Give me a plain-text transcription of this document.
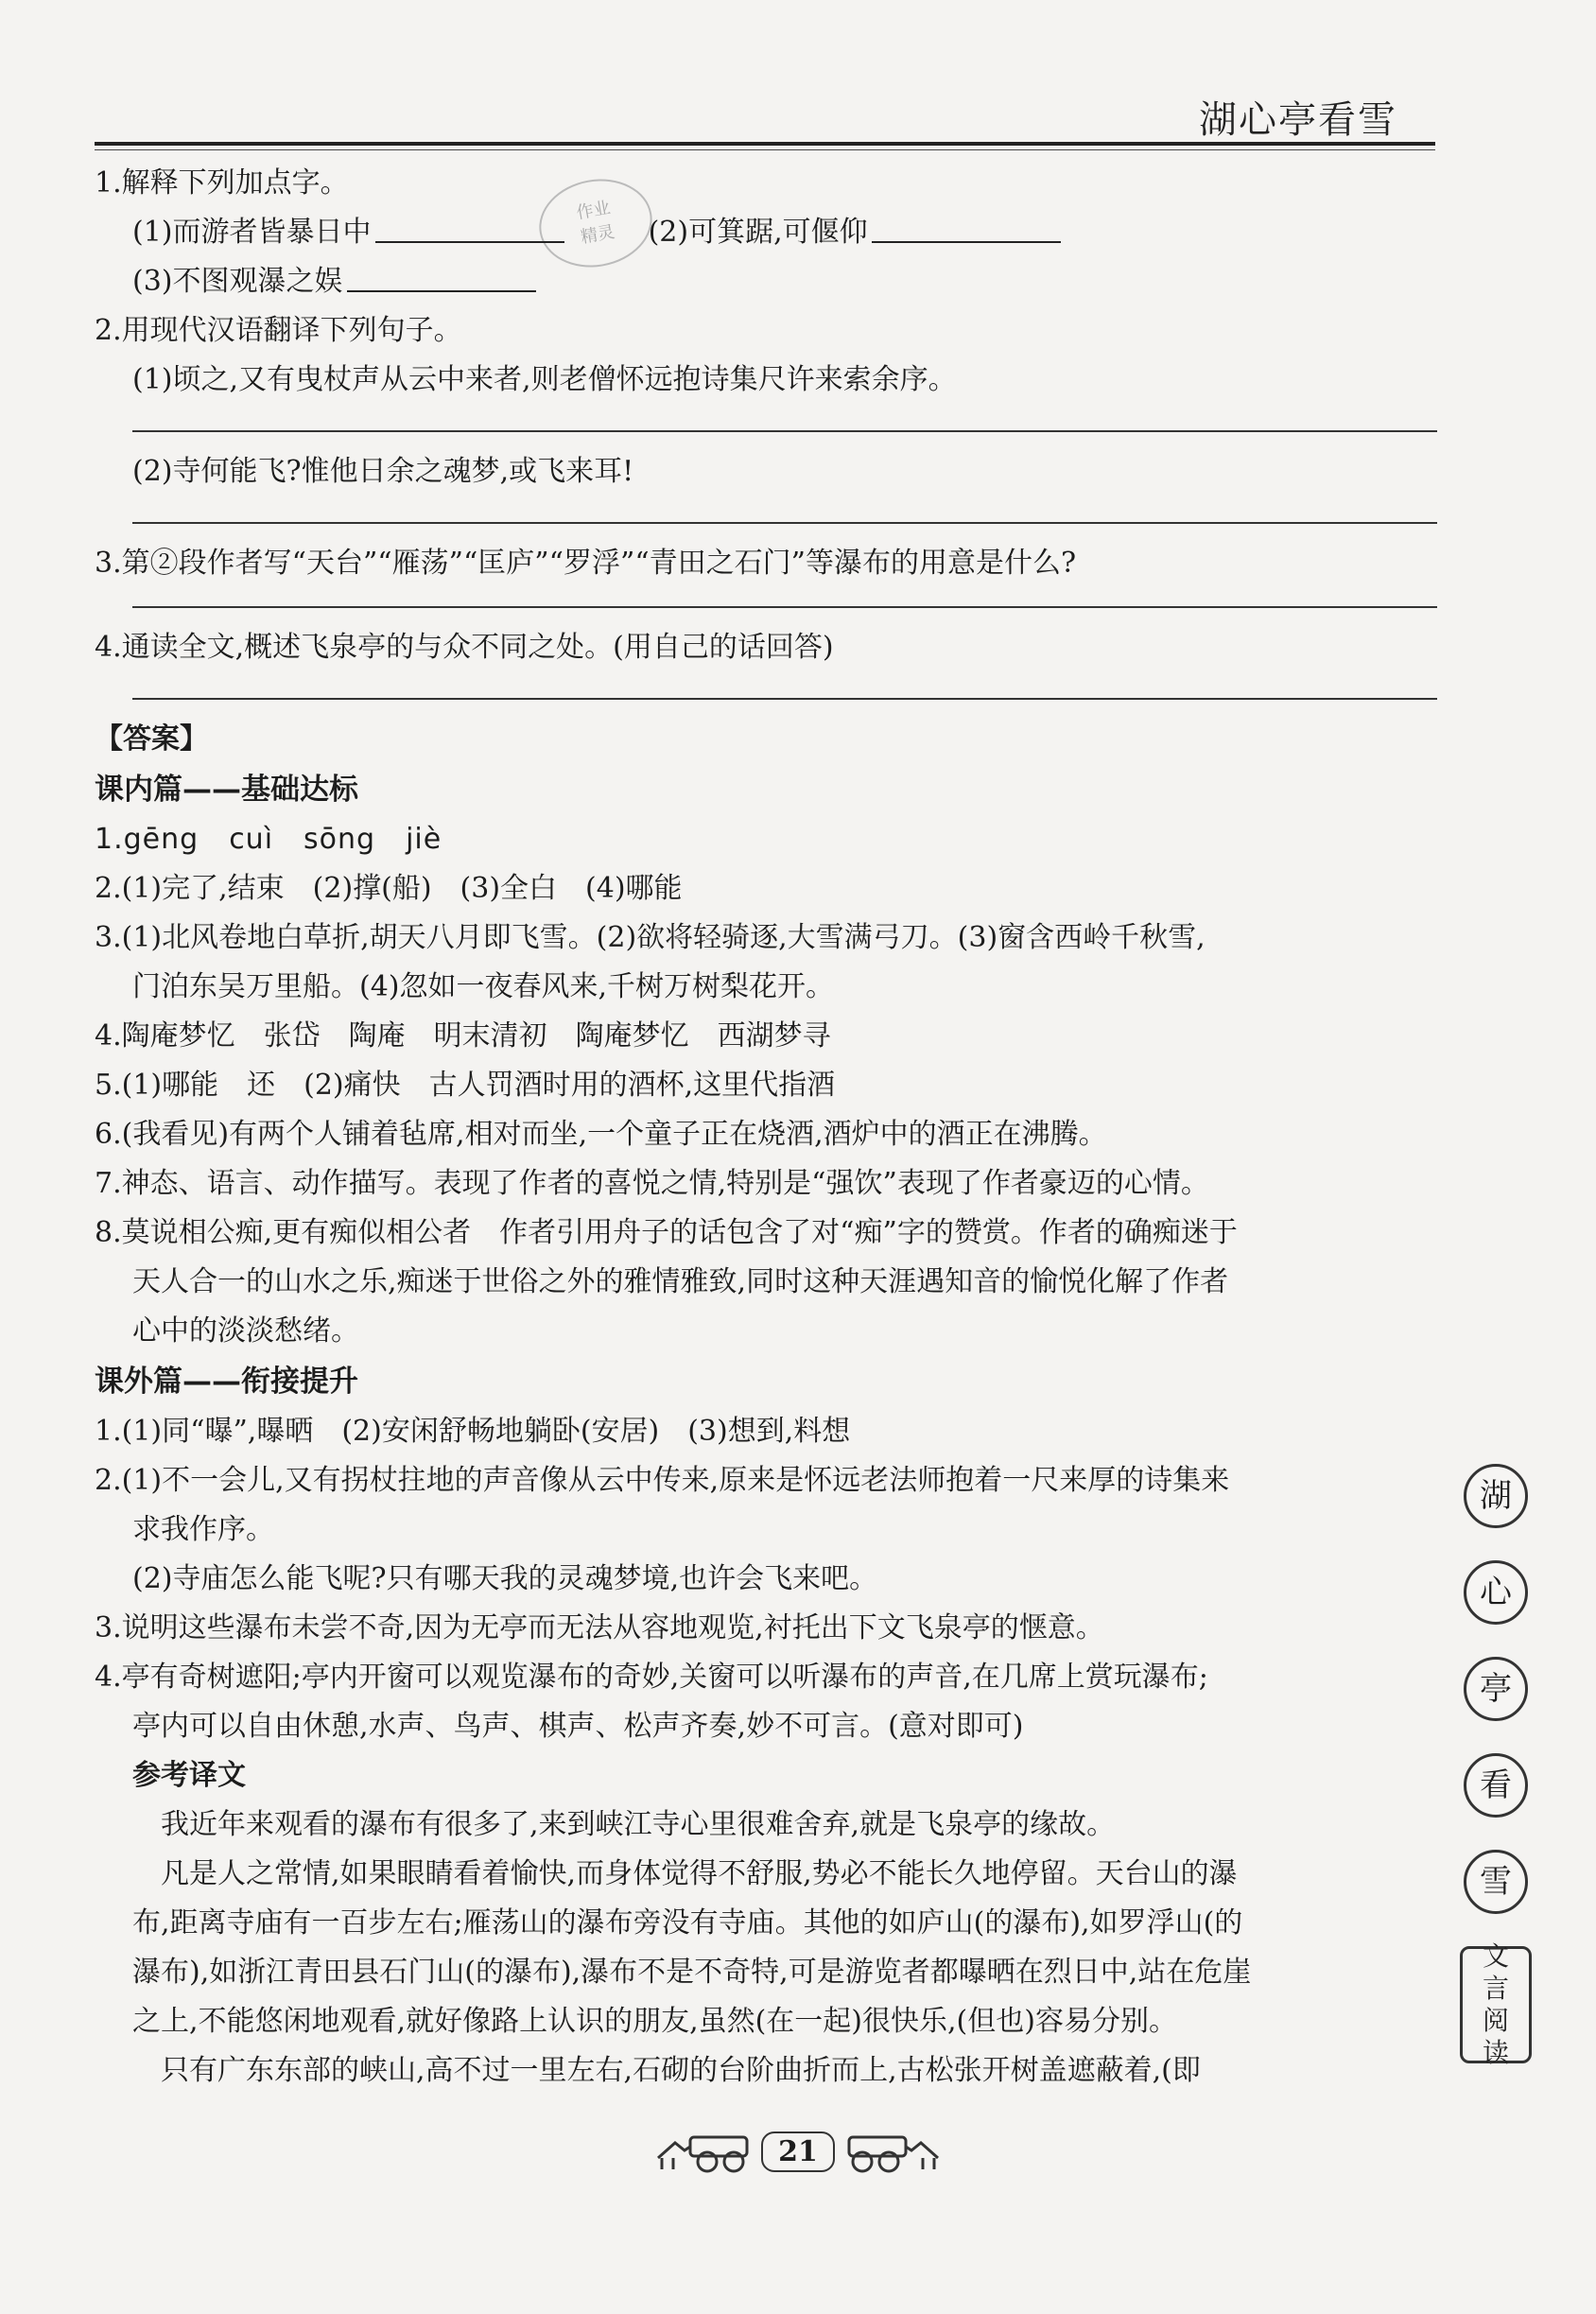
湖心亭看雪
作业
精灵
1.解释下列加点字。
(1)而游者皆暴日中	(2)可箕踞,可偃仰
(3)不图观瀑之娱
2.用现代汉语翻译下列句子。
(1)顷之,又有曳杖声从云中来者,则老僧怀远抱诗集尺许来索余序。
(2)寺何能飞?惟他日余之魂梦,或飞来耳!
3.第②段作者写“天台”“雁荡”“匡庐”“罗浮”“青田之石门”等瀑布的用意是什么?
4.通读全文,概述飞泉亭的与众不同之处。(用自己的话回答)
【答案】
课内篇——基础达标
1.gēng cuì sōng jiè
2.(1)完了,结束　(2)撑(船)　(3)全白　(4)哪能
3.(1)北风卷地白草折,胡天八月即飞雪。(2)欲将轻骑逐,大雪满弓刀。(3)窗含西岭千秋雪,
门泊东吴万里船。(4)忽如一夜春风来,千树万树梨花开。
4.陶庵梦忆　张岱　陶庵　明末清初　陶庵梦忆　西湖梦寻
5.(1)哪能　还　(2)痛快　古人罚酒时用的酒杯,这里代指酒
6.(我看见)有两个人铺着毡席,相对而坐,一个童子正在烧酒,酒炉中的酒正在沸腾。
7.神态、语言、动作描写。表现了作者的喜悦之情,特别是“强饮”表现了作者豪迈的心情。
8.莫说相公痴,更有痴似相公者　作者引用舟子的话包含了对“痴”字的赞赏。作者的确痴迷于
天人合一的山水之乐,痴迷于世俗之外的雅情雅致,同时这种天涯遇知音的愉悦化解了作者
心中的淡淡愁绪。
课外篇——衔接提升
1.(1)同“曝”,曝晒　(2)安闲舒畅地躺卧(安居)　(3)想到,料想
2.(1)不一会儿,又有拐杖拄地的声音像从云中传来,原来是怀远老法师抱着一尺来厚的诗集来
求我作序。
(2)寺庙怎么能飞呢?只有哪天我的灵魂梦境,也许会飞来吧。
3.说明这些瀑布未尝不奇,因为无亭而无法从容地观览,衬托出下文飞泉亭的惬意。
4.亭有奇树遮阳;亭内开窗可以观览瀑布的奇妙,关窗可以听瀑布的声音,在几席上赏玩瀑布;
亭内可以自由休憩,水声、鸟声、棋声、松声齐奏,妙不可言。(意对即可)
参考译文
我近年来观看的瀑布有很多了,来到峡江寺心里很难舍弃,就是飞泉亭的缘故。
凡是人之常情,如果眼睛看着愉快,而身体觉得不舒服,势必不能长久地停留。天台山的瀑
布,距离寺庙有一百步左右;雁荡山的瀑布旁没有寺庙。其他的如庐山(的瀑布),如罗浮山(的
瀑布),如浙江青田县石门山(的瀑布),瀑布不是不奇特,可是游览者都曝晒在烈日中,站在危崖
之上,不能悠闲地观看,就好像路上认识的朋友,虽然(在一起)很快乐,(但也)容易分别。
只有广东东部的峡山,高不过一里左右,石砌的台阶曲折而上,古松张开树盖遮蔽着,(即
湖
心
亭
看
雪
文
言
阅
读
21
